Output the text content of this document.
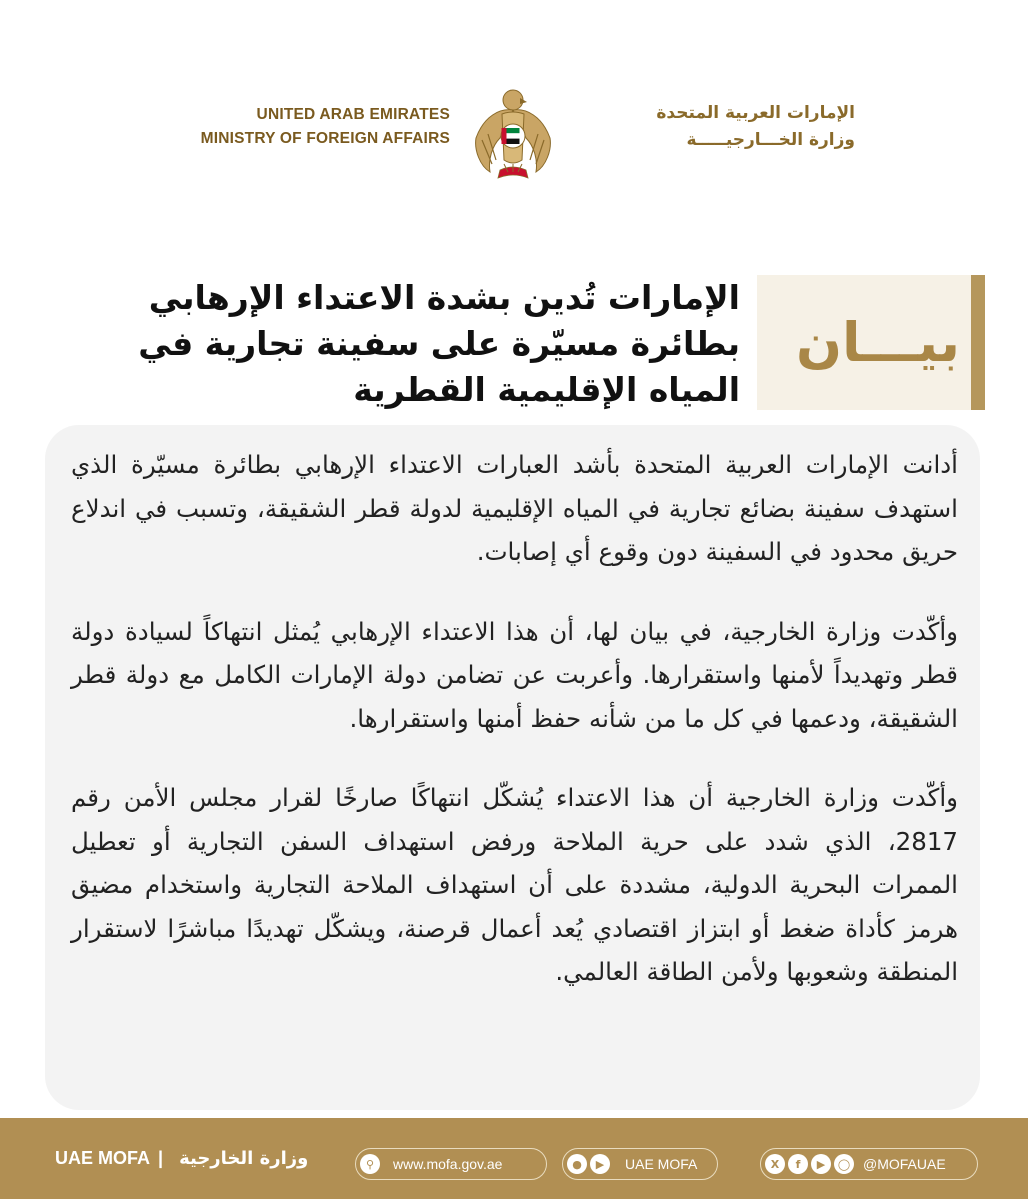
UNITED ARAB EMIRATES
MINISTRY OF FOREIGN AFFAIRS
الإمارات العربية المتحدة
وزارة الخـــارجيـــــة
الإمارات تُدين بشدة الاعتداء الإرهابي بطائرة مسيّرة على سفينة تجارية في المياه الإقليمية القطرية
بيـــان

أدانت الإمارات العربية المتحدة بأشد العبارات الاعتداء الإرهابي بطائرة مسيّرة الذي استهدف سفينة بضائع تجارية في المياه الإقليمية لدولة قطر الشقيقة، وتسبب في اندلاع حريق محدود في السفينة دون وقوع أي إصابات.

وأكّدت وزارة الخارجية، في بيان لها، أن هذا الاعتداء الإرهابي يُمثل انتهاكاً لسيادة دولة قطر وتهديداً لأمنها واستقرارها. وأعربت عن تضامن دولة الإمارات الكامل مع دولة قطر الشقيقة، ودعمها في كل ما من شأنه حفظ أمنها واستقرارها.

وأكّدت وزارة الخارجية أن هذا الاعتداء يُشكّل انتهاكًا صارخًا لقرار مجلس الأمن رقم 2817، الذي شدد على حرية الملاحة ورفض استهداف السفن التجارية أو تعطيل الممرات البحرية الدولية، مشددة على أن استهداف الملاحة التجارية واستخدام مضيق هرمز كأداة ضغط أو ابتزاز اقتصادي يُعد أعمال قرصنة، ويشكّل تهديدًا مباشرًا لاستقرار المنطقة وشعوبها ولأمن الطاقة العالمي.

UAE MOFA | وزارة الخارجية	⚲	www.mofa.gov.ae	●	▶	UAE MOFA	X	f	▶	◯ @MOFAUAE
